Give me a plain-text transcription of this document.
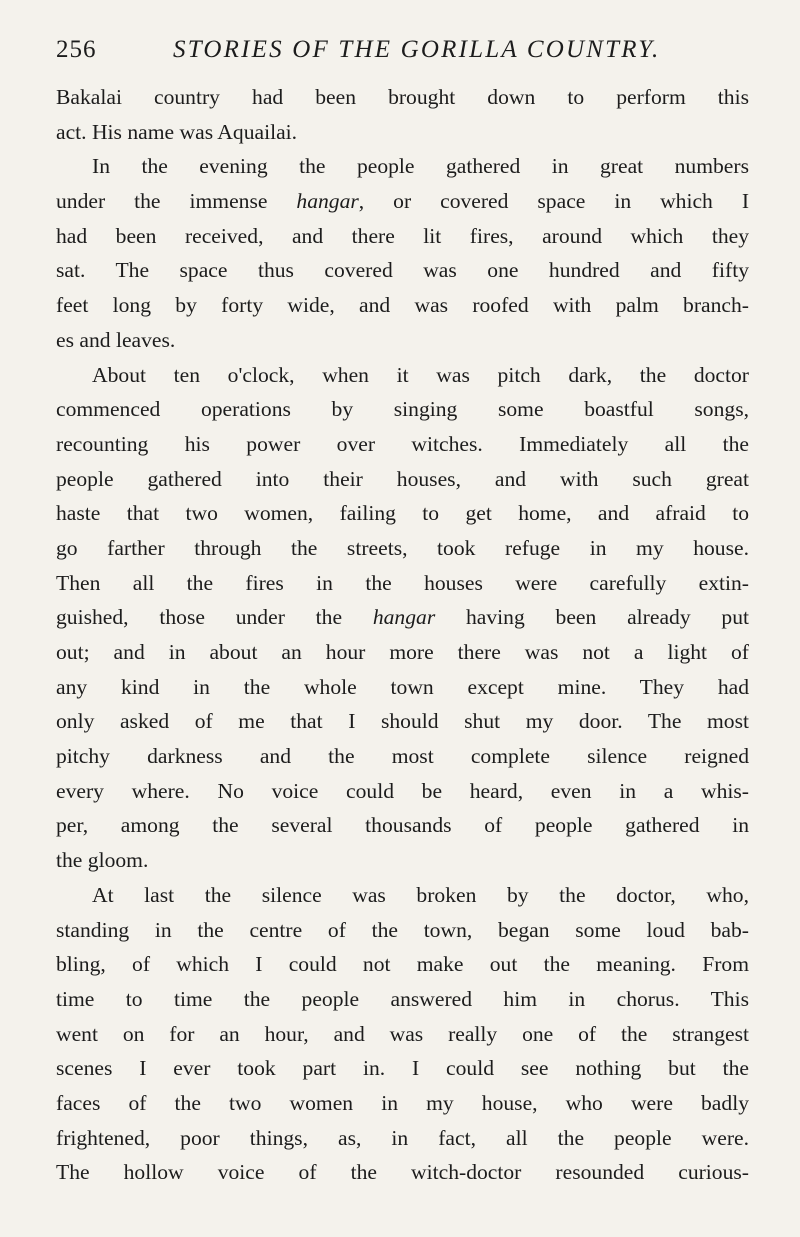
256	STORIES OF THE GORILLA COUNTRY.
Bakalai country had been brought down to perform this
act. His name was Aquailai.
In the evening the people gathered in great numbers
under the immense hangar, or covered space in which I
had been received, and there lit fires, around which they
sat. The space thus covered was one hundred and fifty
feet long by forty wide, and was roofed with palm branch-
es and leaves.
About ten o'clock, when it was pitch dark, the doctor
commenced operations by singing some boastful songs,
recounting his power over witches. Immediately all the
people gathered into their houses, and with such great
haste that two women, failing to get home, and afraid to
go farther through the streets, took refuge in my house.
Then all the fires in the houses were carefully extin-
guished, those under the hangar having been already put
out; and in about an hour more there was not a light of
any kind in the whole town except mine. They had
only asked of me that I should shut my door. The most
pitchy darkness and the most complete silence reigned
every where. No voice could be heard, even in a whis-
per, among the several thousands of people gathered in
the gloom.
At last the silence was broken by the doctor, who,
standing in the centre of the town, began some loud bab-
bling, of which I could not make out the meaning. From
time to time the people answered him in chorus. This
went on for an hour, and was really one of the strangest
scenes I ever took part in. I could see nothing but the
faces of the two women in my house, who were badly
frightened, poor things, as, in fact, all the people were.
The hollow voice of the witch-doctor resounded curious-
